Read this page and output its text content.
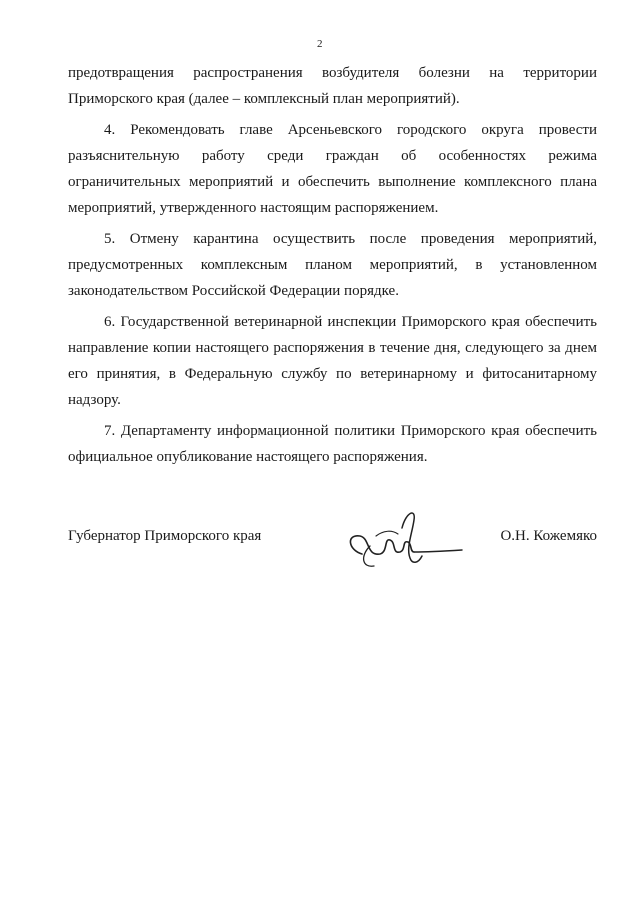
2

предотвращения распространения возбудителя болезни на территории Приморского края (далее – комплексный план мероприятий).

4. Рекомендовать главе Арсеньевского городского округа провести разъяснительную работу среди граждан об особенностях режима ограничительных мероприятий и обеспечить выполнение комплексного плана мероприятий, утвержденного настоящим распоряжением.

5. Отмену карантина осуществить после проведения мероприятий, предусмотренных комплексным планом мероприятий, в установленном законодательством Российской Федерации порядке.

6. Государственной ветеринарной инспекции Приморского края обеспечить направление копии настоящего распоряжения в течение дня, следующего за днем его принятия, в Федеральную службу по ветеринарному и фитосанитарному надзору.

7. Департаменту информационной политики Приморского края обеспечить официальное опубликование настоящего распоряжения.

Губернатор Приморского края	О.Н. Кожемяко
